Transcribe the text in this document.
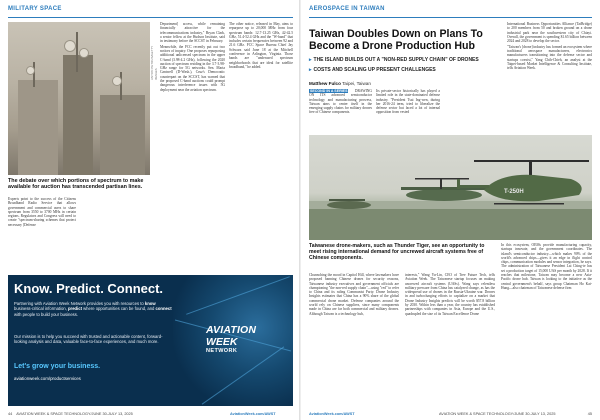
MILITARY SPACE
ANTON PETRUS/GETTY IMAGES
The debate over which portions of spectrum to make available for auction has transcended partisan lines.

Experts point to the success of the Citizens Broadband Radio Service that allows government and commercial users to share spectrum from 3550 to 3700 MHz in certain regions. Regulators and Congress will need to create "spectrum-sharing schemes that protect necessary [Defense

Department] access, while remaining financially attractive for the telecommunications industry," Bryan Clark, a senior fellow at the Hudson Institute, said in testimony before the SCCST in February.

Meanwhile, the FCC recently put out two notices of inquiry. One proposes repurposing additional unlicensed spectrum in the upper C-band (3.98-4.2 GHz), following the 2020 auction of spectrum residing in the 3.7-3.98-GHz range for 5G networks. Sen. Maria Cantwell (D-Wash.), Cruz's Democratic counterpart on the SCCST, has warned that the proposed C-band auctions could prompt dangerous interference issues with 5G deployment near the aviation spectrum.

The other notice, released in May, aims to repurpose up to 20,000 MHz from four spectrum bands: 12.7-13.25 GHz, 42-42.5 GHz, 51.4-52.4 GHz and the "W-band" that includes certain frequencies between 92 and 21.6 GHz. FCC Space Bureau Chief Jay Schwarz said June 18 at the Mitchell conference in Arlington, Virginia. Those bands are "underused spectrum neighborhoods that are ideal for satellite broadband," he added.

Know. Predict. Connect.
Partnering with Aviation Week Network provides you with resources to know business-critical information, predict where opportunities can be found, and connect with people to build your business.
Our mission is to help you succeed with trusted and actionable content, forward-looking analysis and data, valuable face-to-face experiences, and much more.
Let's grow your business.
aviationweek.com/productservices
AVIATION
WEEK
NETWORK
44 AVIATION WEEK & SPACE TECHNOLOGY/JUNE 30-JULY 13, 2025	AviationWeek.com/AWST
AEROSPACE IN TAIWAN
Taiwan Doubles Down on Plans To Become a Drone Production Hub
▸ THE ISLAND BUILDS OUT A "NON-RED SUPPLY CHAIN" OF DRONES
▸ COSTS AND SCALING UP PRESENT CHALLENGES
Matthew Fulco Taipei, Taiwan
SECOND IN A SERIES DRAWING ON ITS advanced semiconductor technology and manufacturing prowess, Taiwan aims to center itself in the emerging supply chains for military drones free of Chinese components.
Its private-sector historically has played a limited role in the state-dominated defense industry. "President Tsai Ing-wen, during her 2016-24 term, tried to liberalize the defense sector but faced a lot of internal opposition from vested

International Business Opportunities Alliance (TaiBridge) to 200 members from 50 and broken ground on a drone industrial park near the southwestern city of Chiayi. Overall, the government is spending $1.65 billion between 2024 and 2028 to develop the sector.

"Taiwan's [drone] industry has formed an ecosystem where traditional aerospace manufacturers, electronics manufacturers transitioning into the defense sector and startups coexist," Yang Chih-Chieh, an analyst at the Taipei-based Market Intelligence & Consulting Institute, tells Aviation Week.

T-250H
Taiwanese drone-makers, such as Thunder Tiger, see an opportunity to meet rising international demand for uncrewed aircraft systems free of Chinese components.
Chunnching the mood in Capitol Hill, where lawmakers have proposed banning Chinese drones for security reasons, Taiwanese industry executives and government officials are championing "the non-red supply chain"—using "red" to refer to China and its ruling Communist Party. Drone Industry Insights estimates that China has a 90% share of the global commercial drone market. Defense companies around the world rely on Chinese suppliers, since many components made in China are far both commercial and military drones. Although Taiwan is a technology hub,
interests," Wang Yu-Lin, CEO of Tree Future Tech, tells Aviation Week. The Taiwanese startup focuses on making uncrewed aircraft systems (UASs). Wang says relentless military pressure from China has catalyzed change, as has the widespread use of drones in the Russia-Ukraine war. Drones in and turbocharging efforts to capitalize on a market that Drone Industry Insights predicts will be worth $57.8 billion by 2030. Within less than a year, the country has established partnerships with companies in Asia, Europe and the U.S., quadrupled the size of its Taiwan Excellence Drone
In this ecosystem, OEMs provide manufacturing capacity, startups innovate, and the government coordinates. The island's semiconductor industry—which makes 90% of the world's advanced chips—gives it an edge in flight control chips, communication modules and sensor integration, he says. The administration of Taiwanese President Lai Ching-te has set a production target of 15,000 UAS per month by 2028. If it reaches that milestone, Taiwan may become a new Asia-Pacific drone hub. Taiwan is looking to the initiative as the central government's behalf, says group Chairman Ho Kai-Hung—also chairman of Taiwanese defense firm
AviationWeek.com/AWST	AVIATION WEEK & SPACE TECHNOLOGY/JUNE 30-JULY 13, 2025	45
